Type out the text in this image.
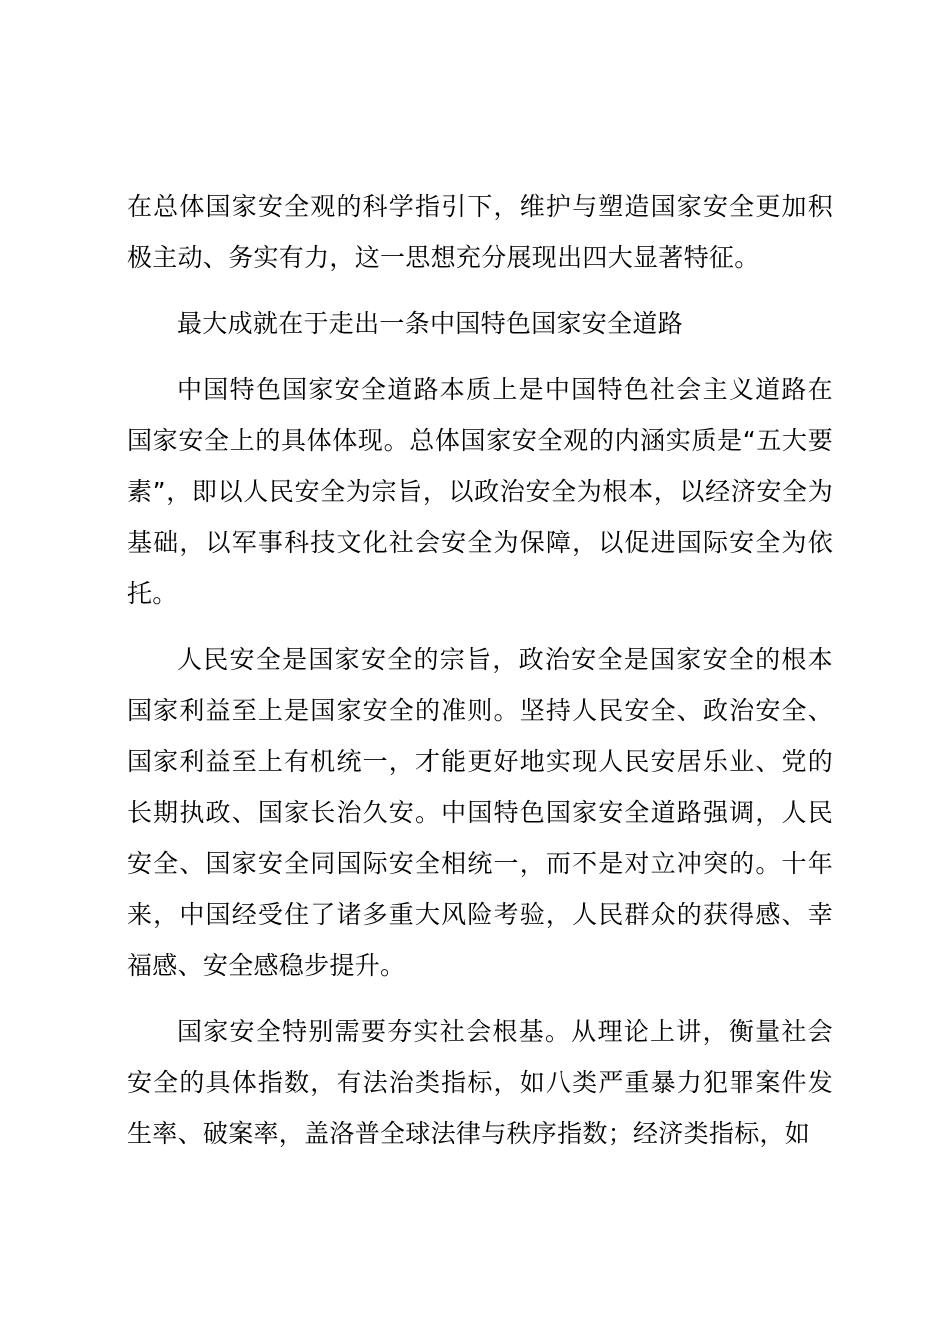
在总体国家安全观的科学指引下，维护与塑造国家安全更加积极主动、务实有力，这一思想充分展现出四大显著特征。

最大成就在于走出一条中国特色国家安全道路

中国特色国家安全道路本质上是中国特色社会主义道路在国家安全上的具体体现。总体国家安全观的内涵实质是“五大要素”，即以人民安全为宗旨，以政治安全为根本，以经济安全为基础，以军事科技文化社会安全为保障，以促进国际安全为依托。

人民安全是国家安全的宗旨，政治安全是国家安全的根本国家利益至上是国家安全的准则。坚持人民安全、政治安全、国家利益至上有机统一，才能更好地实现人民安居乐业、党的长期执政、国家长治久安。中国特色国家安全道路强调，人民安全、国家安全同国际安全相统一，而不是对立冲突的。十年来，中国经受住了诸多重大风险考验，人民群众的获得感、幸福感、安全感稳步提升。

国家安全特别需要夯实社会根基。从理论上讲，衡量社会安全的具体指数，有法治类指标，如八类严重暴力犯罪案件发生率、破案率，盖洛普全球法律与秩序指数；经济类指标，如
